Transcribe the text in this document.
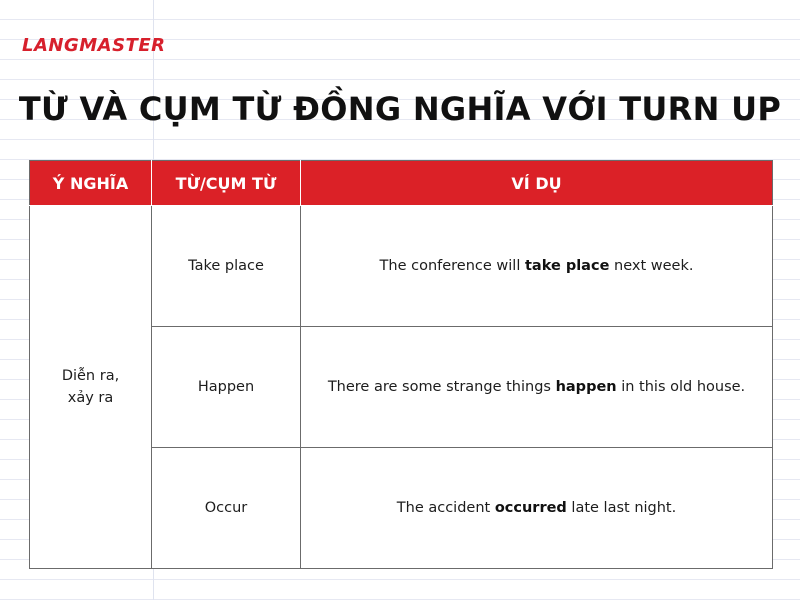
LANGMASTER
TỪ VÀ CỤM TỪ ĐỒNG NGHĨA VỚI TURN UP
Ý NGHĨA	TỪ/CỤM TỪ	VÍ DỤ
Diễn ra,
xảy ra	Take place	The conference will take place next week.
	Happen	There are some strange things happen in this old house.
	Occur	The accident occurred late last night.
